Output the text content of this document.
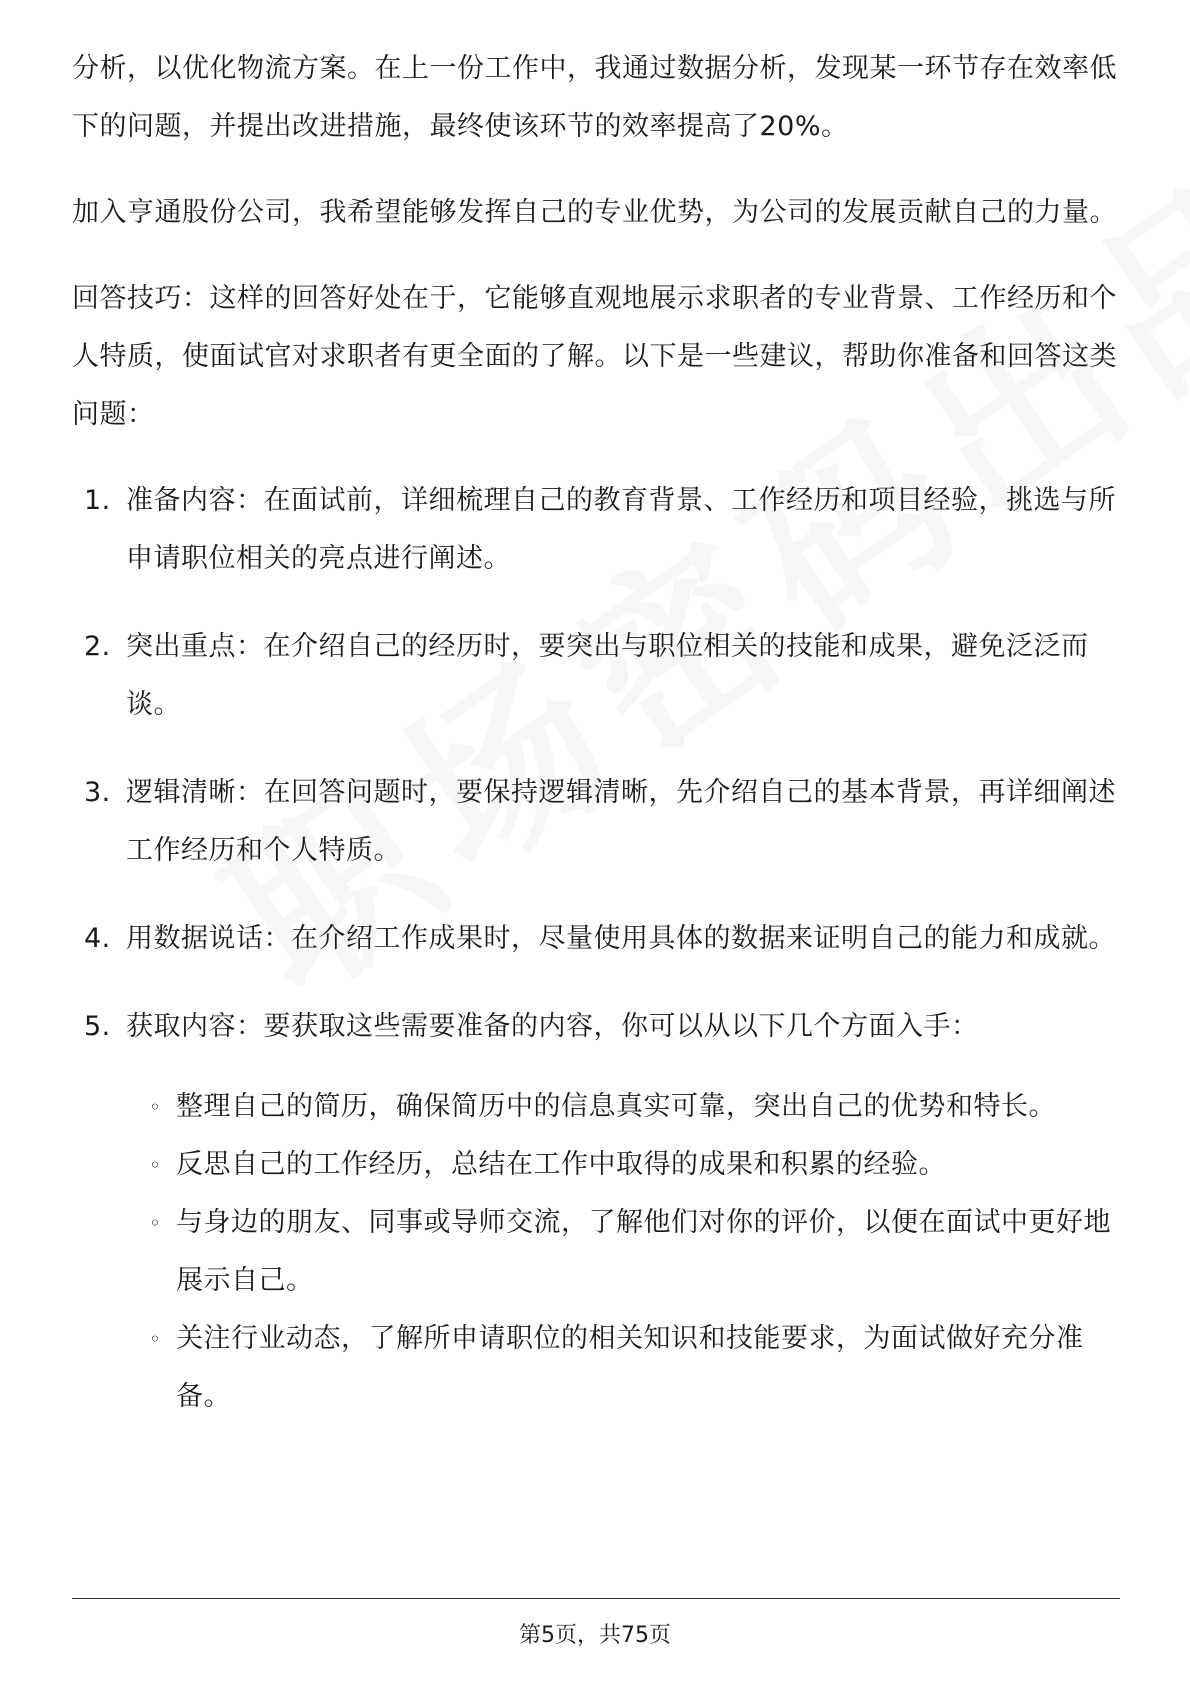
分析，以优化物流方案。在上一份工作中，我通过数据分析，发现某一环节存在效率低下的问题，并提出改进措施，最终使该环节的效率提高了20%。

加入亨通股份公司，我希望能够发挥自己的专业优势，为公司的发展贡献自己的力量。

回答技巧：这样的回答好处在于，它能够直观地展示求职者的专业背景、工作经历和个人特质，使面试官对求职者有更全面的了解。以下是一些建议，帮助你准备和回答这类问题：

1. 准备内容：在面试前，详细梳理自己的教育背景、工作经历和项目经验，挑选与所申请职位相关的亮点进行阐述。
2. 突出重点：在介绍自己的经历时，要突出与职位相关的技能和成果，避免泛泛而谈。
3. 逻辑清晰：在回答问题时，要保持逻辑清晰，先介绍自己的基本背景，再详细阐述工作经历和个人特质。
4. 用数据说话：在介绍工作成果时，尽量使用具体的数据来证明自己的能力和成就。
5. 获取内容：要获取这些需要准备的内容，你可以从以下几个方面入手：
◦ 整理自己的简历，确保简历中的信息真实可靠，突出自己的优势和特长。
◦ 反思自己的工作经历，总结在工作中取得的成果和积累的经验。
◦ 与身边的朋友、同事或导师交流，了解他们对你的评价，以便在面试中更好地展示自己。
◦ 关注行业动态，了解所申请职位的相关知识和技能要求，为面试做好充分准备。
第5页，共75页
